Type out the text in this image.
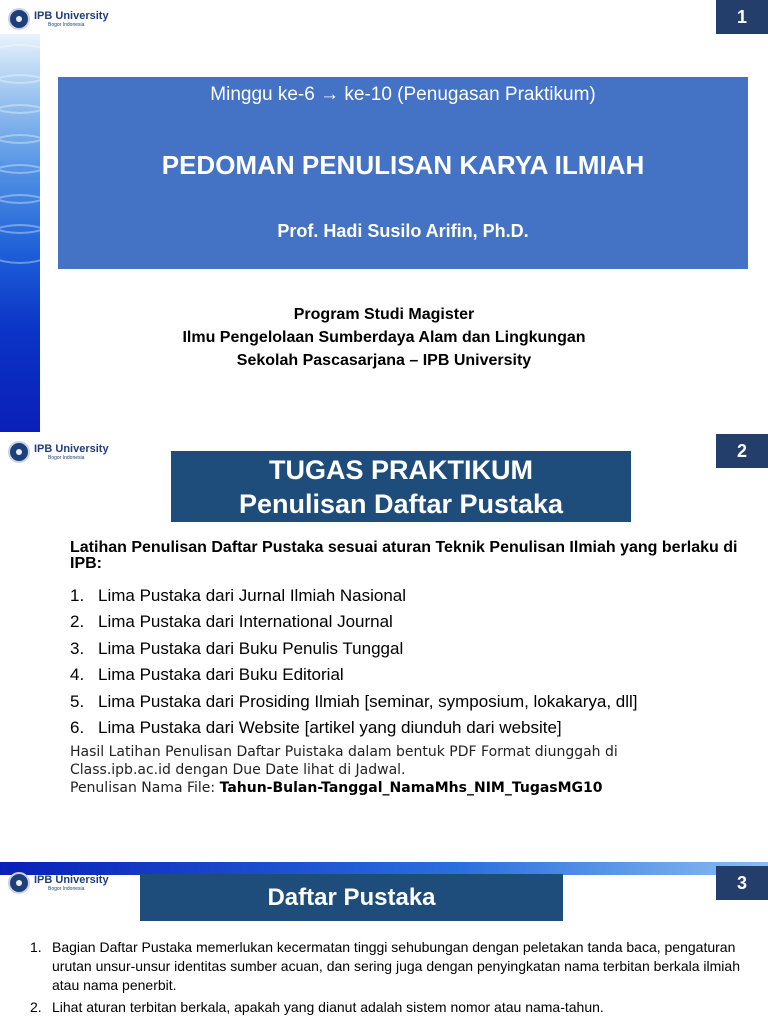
IPB University
Bogor Indonesia	1
Minggu ke-6 → ke-10 (Penugasan Praktikum)
PEDOMAN PENULISAN KARYA ILMIAH
Prof. Hadi Susilo Arifin, Ph.D.
Program Studi Magister
Ilmu Pengelolaan Sumberdaya Alam dan Lingkungan
Sekolah Pascasarjana – IPB University
IPB University
Bogor Indonesia	2
TUGAS PRAKTIKUM
Penulisan Daftar Pustaka
Latihan Penulisan Daftar Pustaka sesuai aturan Teknik Penulisan Ilmiah yang berlaku di IPB:
1. Lima Pustaka dari Jurnal Ilmiah Nasional
2. Lima Pustaka dari International Journal
3. Lima Pustaka dari Buku Penulis Tunggal
4. Lima Pustaka dari Buku Editorial
5. Lima Pustaka dari Prosiding Ilmiah [seminar, symposium, lokakarya, dll]
6. Lima Pustaka dari Website [artikel yang diunduh dari website]
Hasil Latihan Penulisan Daftar Puistaka dalam bentuk PDF Format diunggah di
Class.ipb.ac.id dengan Due Date lihat di Jadwal.
Penulisan Nama File: Tahun-Bulan-Tanggal_NamaMhs_NIM_TugasMG10
IPB University
Bogor Indonesia	3
Daftar Pustaka
1. Bagian Daftar Pustaka memerlukan kecermatan tinggi sehubungan dengan peletakan tanda baca, pengaturan urutan unsur-unsur identitas sumber acuan, dan sering juga dengan penyingkatan nama terbitan berkala ilmiah atau nama penerbit.
2. Lihat aturan terbitan berkala, apakah yang dianut adalah sistem nomor atau nama-tahun.
